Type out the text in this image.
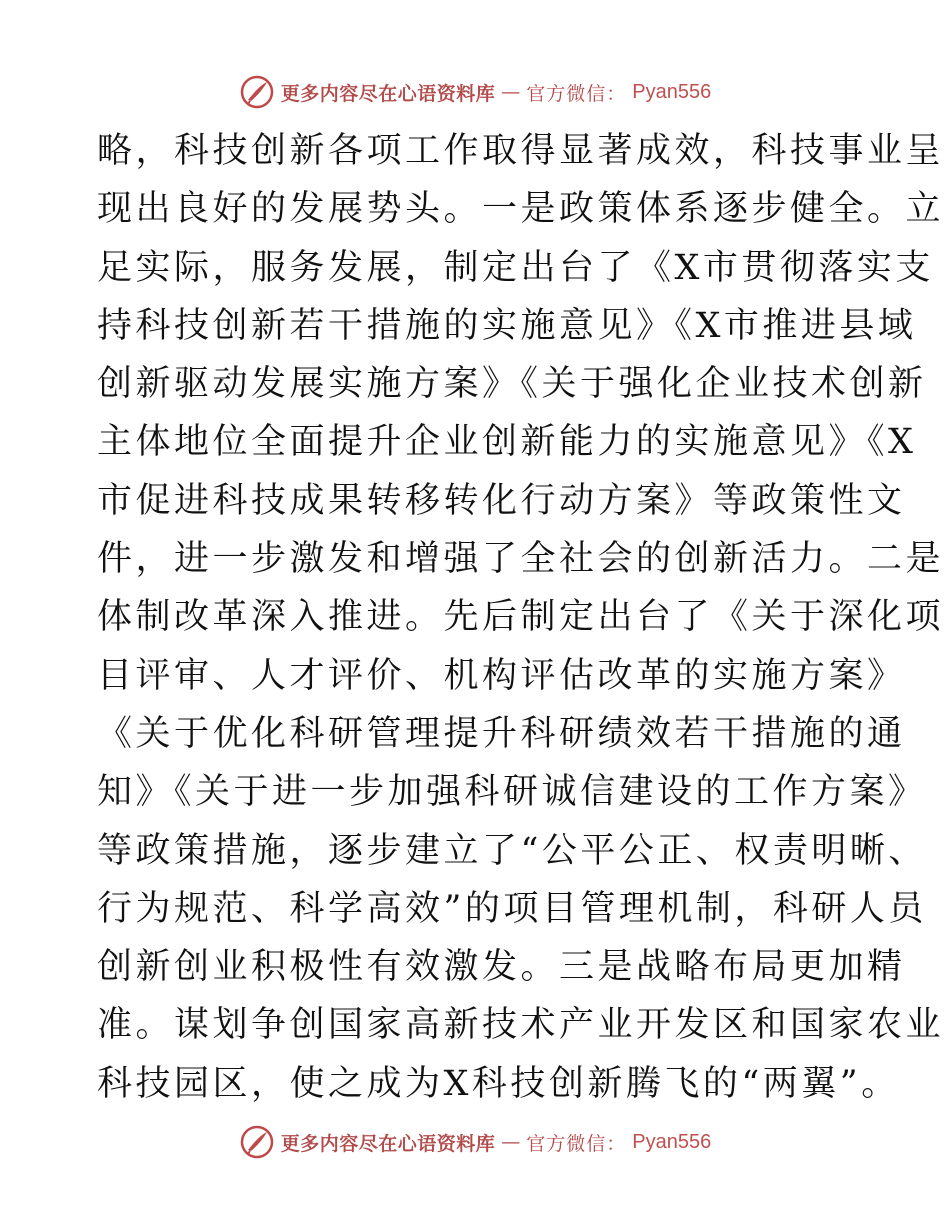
更多内容尽在心语资料库 — 官方微信： Pyan556
略，科技创新各项工作取得显著成效，科技事业呈
现出良好的发展势头。一是政策体系逐步健全。立
足实际，服务发展，制定出台了《X市贯彻落实支
持科技创新若干措施的实施意见》《X市推进县域
创新驱动发展实施方案》《关于强化企业技术创新
主体地位全面提升企业创新能力的实施意见》《X
市促进科技成果转移转化行动方案》等政策性文
件，进一步激发和增强了全社会的创新活力。二是
体制改革深入推进。先后制定出台了《关于深化项
目评审、人才评价、机构评估改革的实施方案》
《关于优化科研管理提升科研绩效若干措施的通
知》《关于进一步加强科研诚信建设的工作方案》
等政策措施，逐步建立了“公平公正、权责明晰、
行为规范、科学高效”的项目管理机制，科研人员
创新创业积极性有效激发。三是战略布局更加精
准。谋划争创国家高新技术产业开发区和国家农业
科技园区，使之成为X科技创新腾飞的“两翼”。
更多内容尽在心语资料库 — 官方微信： Pyan556
